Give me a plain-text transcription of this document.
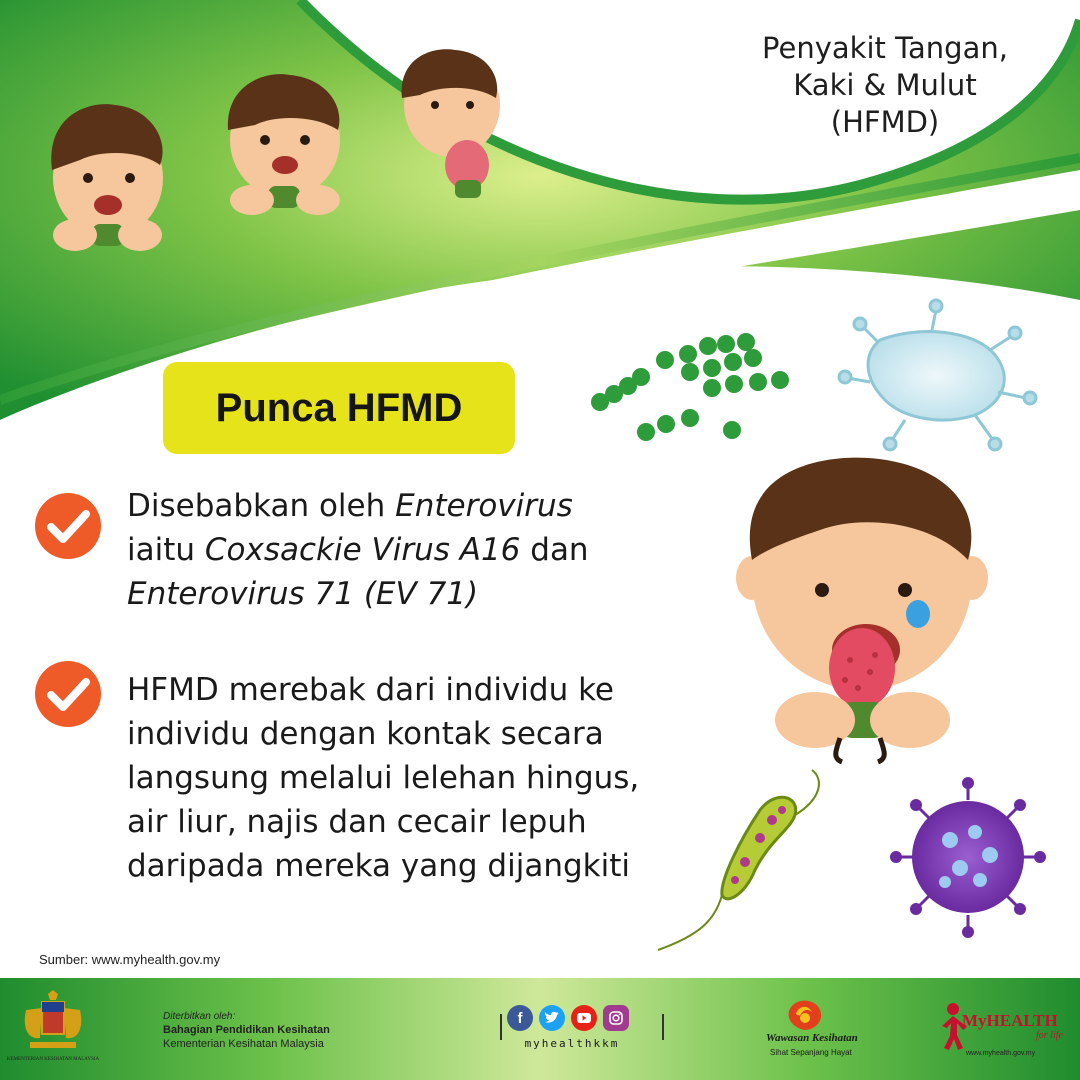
Penyakit Tangan,
Kaki & Mulut
(HFMD)
Punca HFMD
Disebabkan oleh Enterovirus
iaitu Coxsackie Virus A16 dan
Enterovirus 71 (EV 71)
HFMD merebak dari individu ke
individu dengan kontak secara
langsung melalui lelehan hingus,
air liur, najis dan cecair lepuh
daripada mereka yang dijangkiti
Sumber: www.myhealth.gov.my
KEMENTERIAN KESIHATAN MALAYSIA
Diterbitkan oleh:
Bahagian Pendidikan Kesihatan
Kementerian Kesihatan Malaysia
f
myhealthkkm	Wawasan Kesihatan
Sihat Sepanjang Hayat
MyHEALTH
for life
www.myhealth.gov.my
